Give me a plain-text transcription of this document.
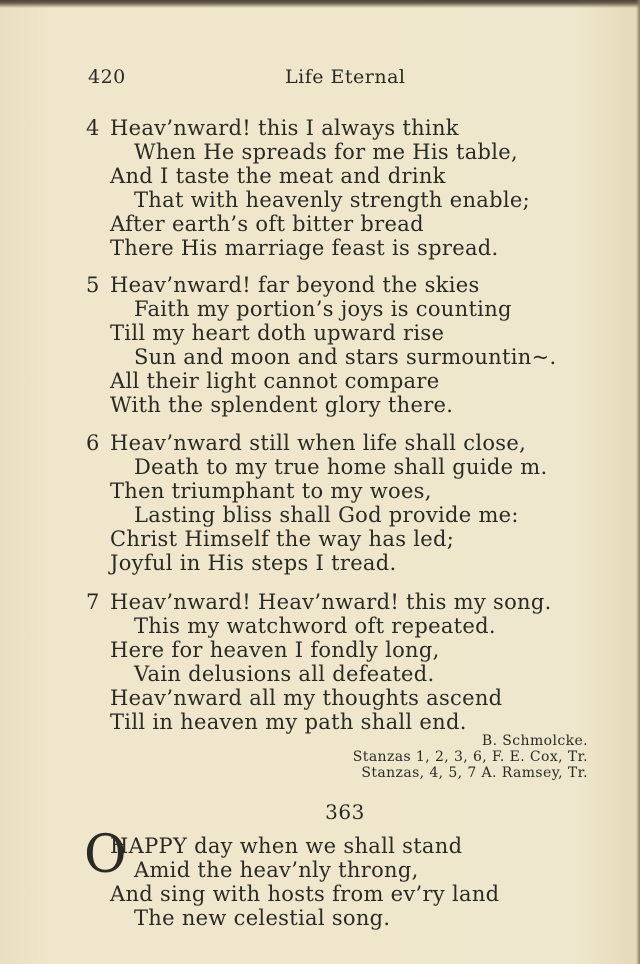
420	Life Eternal
4 Heav’nward! this I always think
When He spreads for me His table,
And I taste the meat and drink
That with heavenly strength enable;
After earth’s oft bitter bread
There His marriage feast is spread.
5 Heav’nward! far beyond the skies
Faith my portion’s joys is counting
Till my heart doth upward rise
Sun and moon and stars surmountin~.
All their light cannot compare
With the splendent glory there.
6 Heav’nward still when life shall close,
Death to my true home shall guide m.
Then triumphant to my woes,
Lasting bliss shall God provide me:
Christ Himself the way has led;
Joyful in His steps I tread.
7 Heav’nward! Heav’nward! this my song.
This my watchword oft repeated.
Here for heaven I fondly long,
Vain delusions all defeated.
Heav’nward all my thoughts ascend
Till in heaven my path shall end.
B. Schmolcke.
Stanzas 1, 2, 3, 6, F. E. Cox, Tr.
Stanzas, 4, 5, 7 A. Ramsey, Tr.
363
O
HAPPY day when we shall stand
Amid the heav’nly throng,
And sing with hosts from ev’ry land
The new celestial song.
